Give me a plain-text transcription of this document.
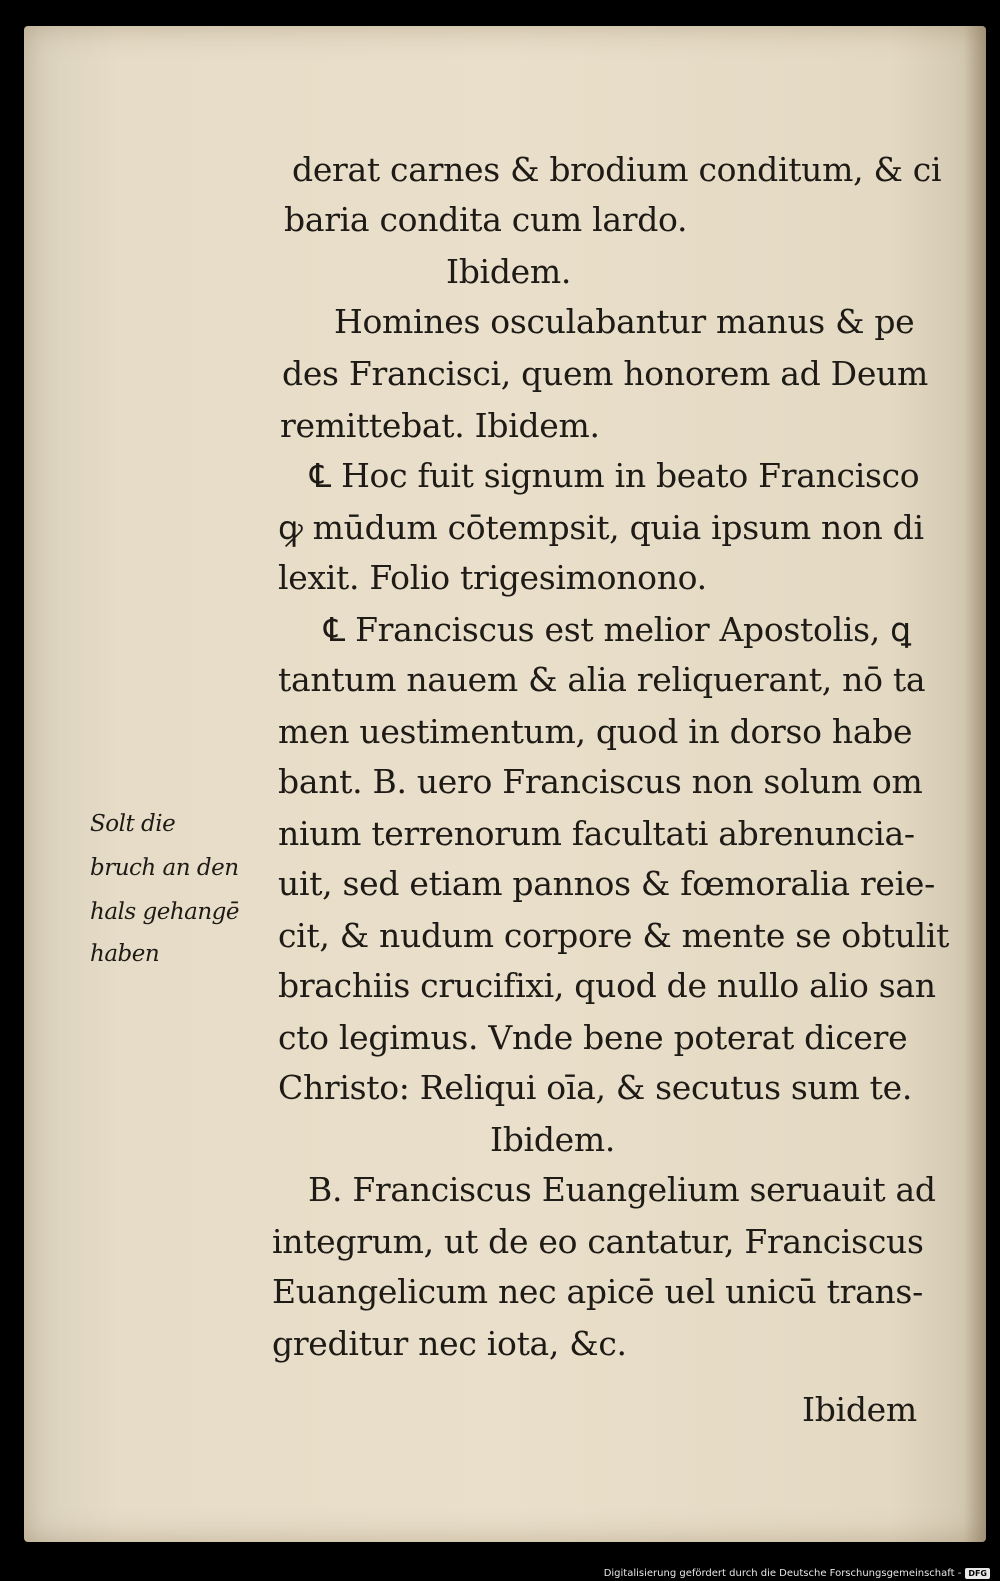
derat carnes & brodium conditum, & ci
baria condita cum lardo.
Ibidem.
Homines osculabantur manus & pe
des Francisci, quem honorem ad Deum
remittebat. Ibidem.
℄ Hoc fuit signum in beato Francisco
ꝙ mūdum cōtempsit, quia ipsum non di
lexit. Folio trigesimonono.
℄ Franciscus est melior Apostolis, ꝗ
tantum nauem & alia reliquerant, nō ta
men uestimentum, quod in dorso habe
bant. B. uero Franciscus non solum om
nium terrenorum facultati abrenuncia-
uit, sed etiam pannos & fœmoralia reie-
cit, & nudum corpore & mente se obtulit
brachiis crucifixi, quod de nullo alio san
cto legimus. Vnde bene poterat dicere
Christo: Reliqui oīa, & secutus sum te.
Ibidem.
B. Franciscus Euangelium seruauit ad
integrum, ut de eo cantatur, Franciscus
Euangelicum nec apicē uel unicū trans-
greditur nec iota, &c.
Ibidem
Solt die
bruch an den
hals gehangē
haben
Digitalisierung gefördert durch die Deutsche Forschungsgemeinschaft - DFG
